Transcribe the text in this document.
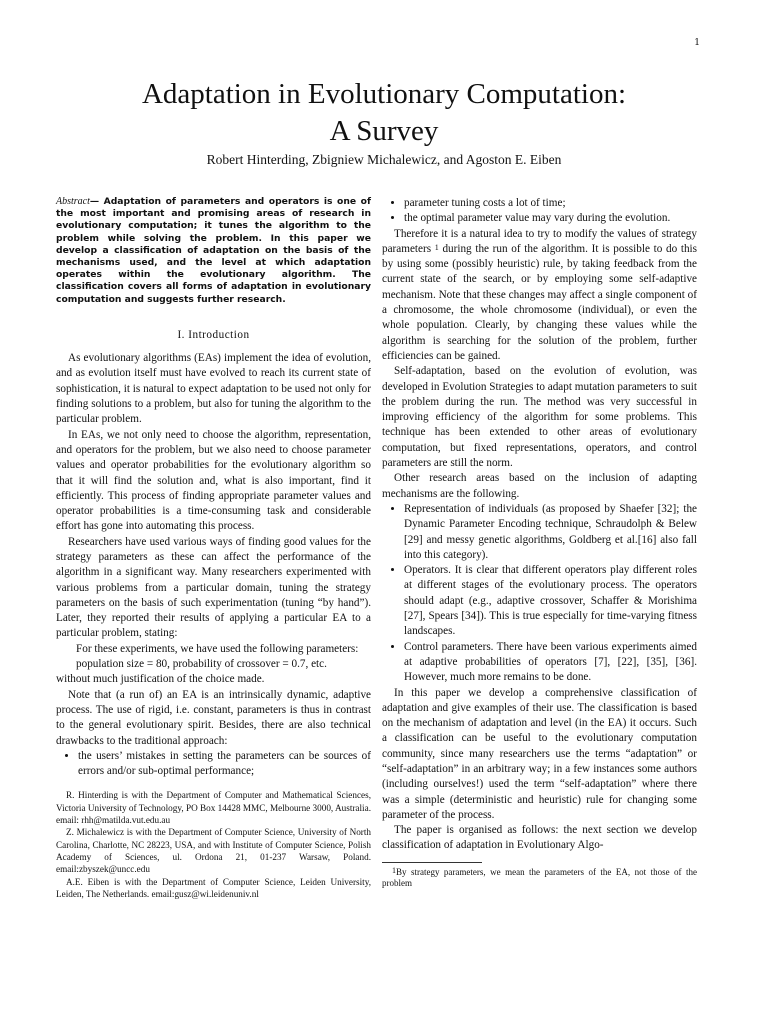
1
Adaptation in Evolutionary Computation:
A Survey
Robert Hinterding, Zbigniew Michalewicz, and Agoston E. Eiben

Abstract— Adaptation of parameters and operators is one of the most important and promising areas of research in evolutionary computation; it tunes the algorithm to the problem while solving the problem. In this paper we develop a classification of adaptation on the basis of the mechanisms used, and the level at which adaptation operates within the evolutionary algorithm. The classification covers all forms of adaptation in evolutionary computation and suggests further research.

I. Introduction

As evolutionary algorithms (EAs) implement the idea of evolution, and as evolution itself must have evolved to reach its current state of sophistication, it is natural to expect adaptation to be used not only for finding solutions to a problem, but also for tuning the algorithm to the particular problem.

In EAs, we not only need to choose the algorithm, representation, and operators for the problem, but we also need to choose parameter values and operator probabilities for the evolutionary algorithm so that it will find the solution and, what is also important, find it efficiently. This process of finding appropriate parameter values and operator probabilities is a time-consuming task and considerable effort has gone into automating this process.

Researchers have used various ways of finding good values for the strategy parameters as these can affect the performance of the algorithm in a significant way. Many researchers experimented with various problems from a particular domain, tuning the strategy parameters on the basis of such experimentation (tuning “by hand”). Later, they reported their results of applying a particular EA to a particular problem, stating:

For these experiments, we have used the following parameters: population size = 80, probability of crossover = 0.7, etc.

without much justification of the choice made.

Note that (a run of) an EA is an intrinsically dynamic, adaptive process. The use of rigid, i.e. constant, parameters is thus in contrast to the general evolutionary spirit. Besides, there are also technical drawbacks to the traditional approach:

• the users’ mistakes in setting the parameters can be sources of errors and/or sub-optimal performance;

R. Hinterding is with the Department of Computer and Mathematical Sciences, Victoria University of Technology, PO Box 14428 MMC, Melbourne 3000, Australia. email: rhh@matilda.vut.edu.au

Z. Michalewicz is with the Department of Computer Science, University of North Carolina, Charlotte, NC 28223, USA, and with Institute of Computer Science, Polish Academy of Sciences, ul. Ordona 21, 01-237 Warsaw, Poland. email:zbyszek@uncc.edu

A.E. Eiben is with the Department of Computer Science, Leiden University, Leiden, The Netherlands. email:gusz@wi.leidenuniv.nl

• parameter tuning costs a lot of time;
• the optimal parameter value may vary during the evolution.

Therefore it is a natural idea to try to modify the values of strategy parameters $^1$ during the run of the algorithm. It is possible to do this by using some (possibly heuristic) rule, by taking feedback from the current state of the search, or by employing some self-adaptive mechanism. Note that these changes may affect a single component of a chromosome, the whole chromosome (individual), or even the whole population. Clearly, by changing these values while the algorithm is searching for the solution of the problem, further efficiencies can be gained.

Self-adaptation, based on the evolution of evolution, was developed in Evolution Strategies to adapt mutation parameters to suit the problem during the run. The method was very successful in improving efficiency of the algorithm for some problems. This technique has been extended to other areas of evolutionary computation, but fixed representations, operators, and control parameters are still the norm.

Other research areas based on the inclusion of adapting mechanisms are the following.

• Representation of individuals (as proposed by Shaefer [32]; the Dynamic Parameter Encoding technique, Schraudolph & Belew [29] and messy genetic algorithms, Goldberg et al.[16] also fall into this category).
• Operators. It is clear that different operators play different roles at different stages of the evolutionary process. The operators should adapt (e.g., adaptive crossover, Schaffer & Morishima [27], Spears [34]). This is true especially for time-varying fitness landscapes.
• Control parameters. There have been various experiments aimed at adaptive probabilities of operators [7], [22], [35], [36]. However, much more remains to be done.

In this paper we develop a comprehensive classification of adaptation and give examples of their use. The classification is based on the mechanism of adaptation and level (in the EA) it occurs. Such a classification can be useful to the evolutionary computation community, since many researchers use the terms “adaptation” or “self-adaptation” in an arbitrary way; in a few instances some authors (including ourselves!) used the term “self-adaptation” where there was a simple (deterministic and heuristic) rule for changing some parameter of the process.

The paper is organised as follows: the next section we develop classification of adaptation in Evolutionary Algo-

$^1$By strategy parameters, we mean the parameters of the EA, not those of the problem
